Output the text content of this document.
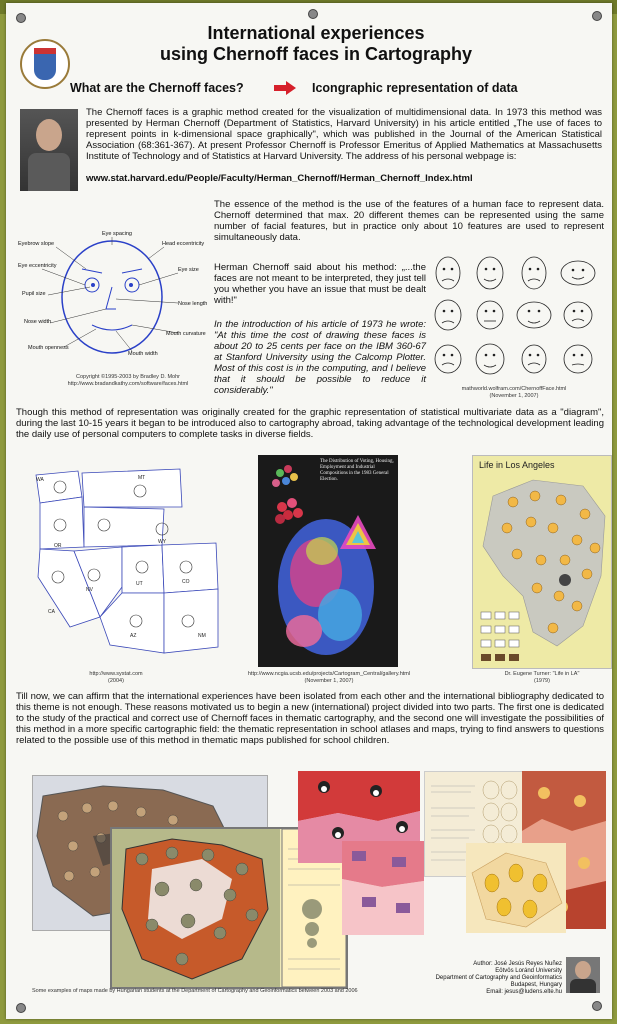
International experiences
using Chernoff faces in Cartography
What are the Chernoff faces?	Icongraphic representation of data
The Chernoff faces is a graphic method created for the visualization of multidimensional data. In 1973 this method was presented by Herman Chernoff (Department of Statistics, Harvard University) in his article entitled „The use of faces to represent points in k-dimensional space graphically", which was published in the Journal of the American Statistical Association (68:361-367). At present Professor Chernoff is Professor Emeritus of Applied Mathematics at Massachusetts Institute of Technology and of Statistics at Harvard University. The address of his personal webpage is:
www.stat.harvard.edu/People/Faculty/Herman_Chernoff/Herman_Chernoff_Index.html
Eye spacing
Eyebrow slope	Head eccentricity
Eye eccentricity
Eye size
Pupil size
Nose length
Nose width
Mouth curvature
Mouth openness
Mouth width
Copyright ©1995-2003 by Bradley D. Mohr
http://www.bradandkathy.com/software/faces.html
The essence of the method is the use of the features of a human face to represent data. Chernoff determined that max. 20 different themes can be represented using the same number of facial features, but in practice only about 10 features are used to represent simultaneously data.
Herman Chernoff said about his method: „...the faces are not meant to be interpreted, they just tell you whether you have an issue that must be dealt with!"
In the introduction of his article of 1973 he wrote: "At this time the cost of drawing these faces is about 20 to 25 cents per face on the IBM 360-67 at Stanford University using the Calcomp Plotter. Most of this cost is in the computing, and I believe that it should be possible to reduce it considerably."	mathworld.wolfram.com/ChernoffFace.html
(November 1, 2007)
Though this method of representation was originally created for the graphic representation of statistical multivariate data as a "diagram", during the last 10-15 years it began to be introduced also to cartography abroad, taking advantage of the technological development leading the daily use of personal computers to complete tasks in diverse fields.
WA
OR
CA
NV
UT
AZ
MT
WY
CO
NM
http://www.systat.com
(2004)
The Distribution of Voting, Housing, Employment and Industrial Compositions in the 1983 General Election.
http://www.ncgia.ucsb.edu/projects/Cartogram_Central/gallery.html
(November 1, 2007)
Life in Los Angeles
Dr. Eugene Turner: "Life in LA"
(1979)
Till now, we can affirm that the international experiences have been isolated from each other and the international bibliography dedicated to this theme is not enough. These reasons motivated us to begin a new (international) project divided into two parts. The first one is dedicated to the study of the practical and correct use of Chernoff faces in thematic cartography, and the second one will investigate the possibilities of this method in a more specific cartographic field: the thematic representation in school atlases and maps, trying to find answers to questions related to the possible use of this method in thematic maps published for school children.
Some examples of maps made by Hungarian students at the Department of Cartography and Geoinformatics between 2003 and 2006
Author: José Jesús Reyes Nuñez
Eötvös Loránd University
Department of Cartography and Geoinformatics
Budapest, Hungary
Email: jesus@ludens.elte.hu
